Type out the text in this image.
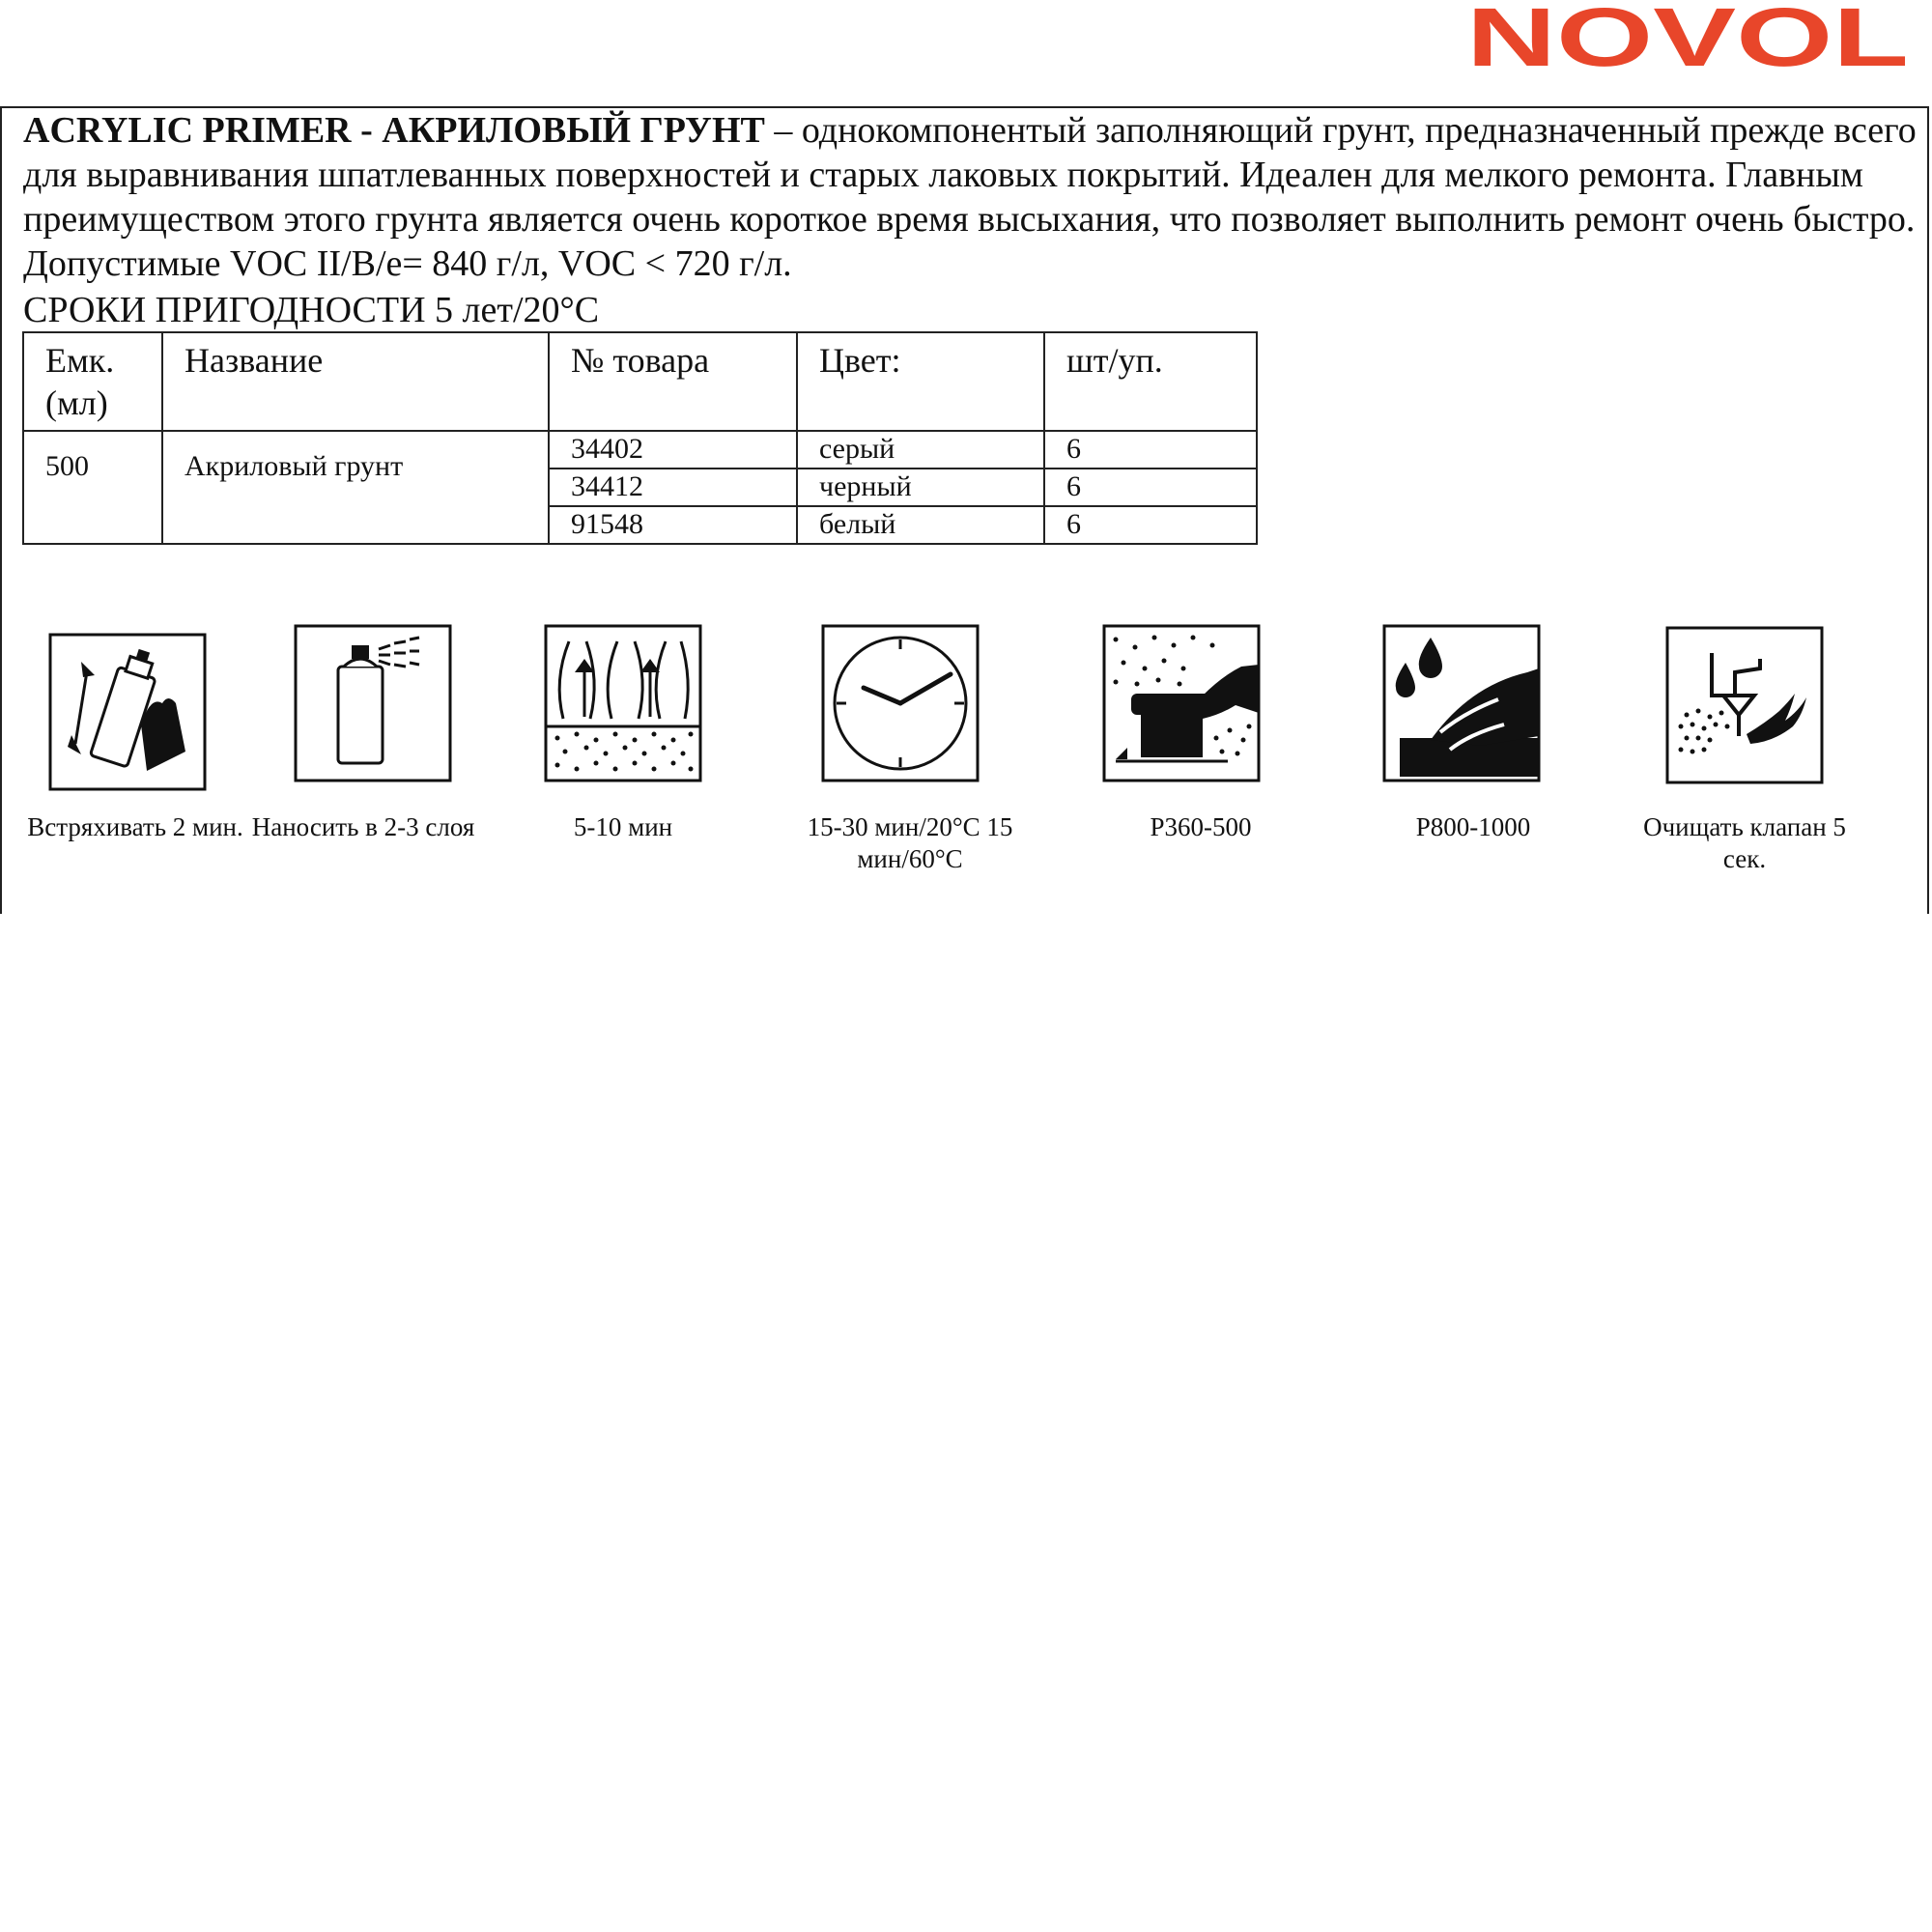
NOVOL
ACRYLIC PRIMER - АКРИЛОВЫЙ ГРУНТ – однокомпонентый заполняющий грунт, предназначенный прежде всего для выравнивания шпатлеванных поверхностей и старых лаковых покрытий. Идеален для мелкого ремонта. Главным преимуществом этого грунта является очень короткое время высыхания, что позволяет выполнить ремонт очень быстро. Допустимые VOC II/B/e= 840 г/л, VOC < 720 г/л.
СРОКИ ПРИГОДНОСТИ 5 лет/20°С
Емк. (мл)	Название	№ товара	Цвет:	шт/уп.
500	Акриловый грунт	34402	серый	6
		34412	черный	6
		91548	белый	6
Встряхивать 2 мин. Наносить в 2-3 слоя	5-10 мин	15-30 мин/20°С 15 мин/60°С
P360-500	P800-1000	Очищать клапан 5 сек.
